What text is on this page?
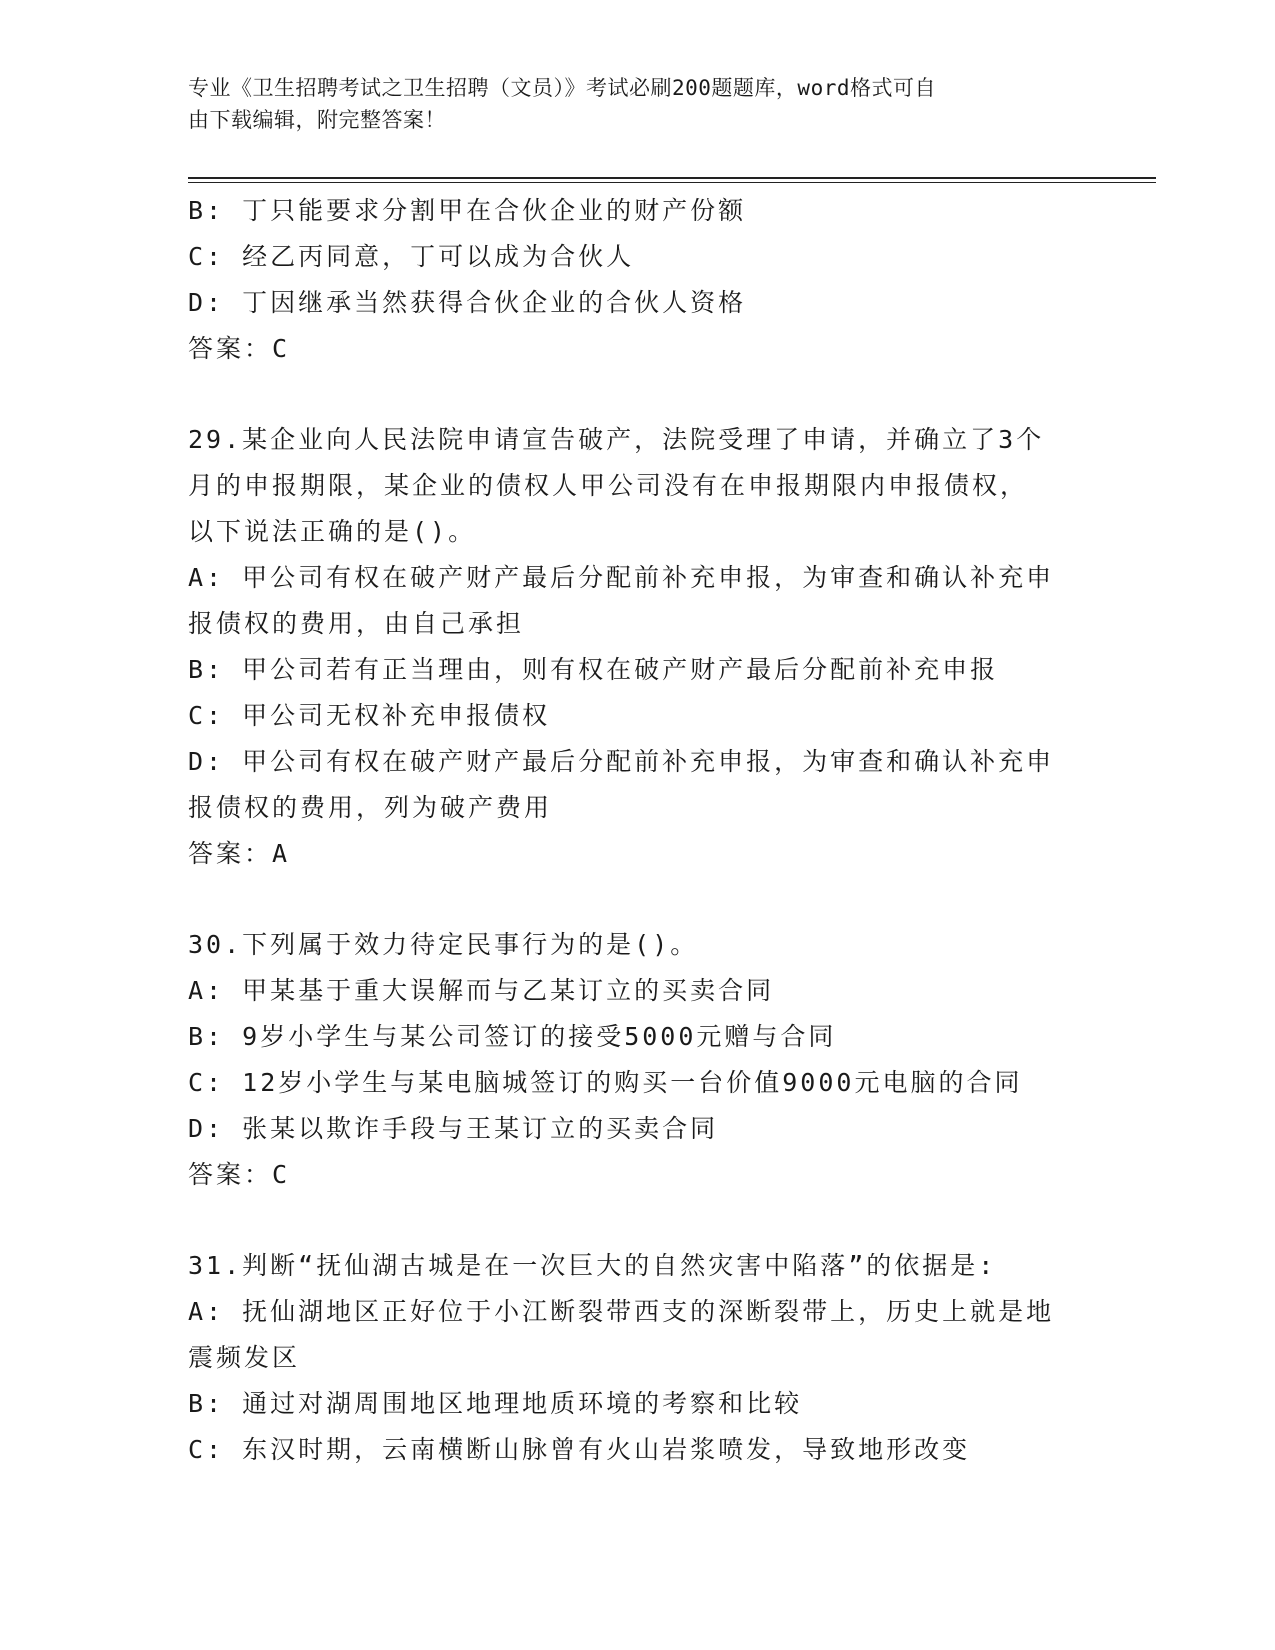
专业《卫生招聘考试之卫生招聘（文员）》考试必刷200题题库，word格式可自
由下载编辑，附完整答案！
B: 丁只能要求分割甲在合伙企业的财产份额
C: 经乙丙同意，丁可以成为合伙人
D: 丁因继承当然获得合伙企业的合伙人资格
答案：C
29.某企业向人民法院申请宣告破产，法院受理了申请，并确立了3个
月的申报期限，某企业的债权人甲公司没有在申报期限内申报债权，
以下说法正确的是()。
A: 甲公司有权在破产财产最后分配前补充申报，为审查和确认补充申
报债权的费用，由自己承担
B: 甲公司若有正当理由，则有权在破产财产最后分配前补充申报
C: 甲公司无权补充申报债权
D: 甲公司有权在破产财产最后分配前补充申报，为审查和确认补充申
报债权的费用，列为破产费用
答案：A
30.下列属于效力待定民事行为的是()。
A: 甲某基于重大误解而与乙某订立的买卖合同
B: 9岁小学生与某公司签订的接受5000元赠与合同
C: 12岁小学生与某电脑城签订的购买一台价值9000元电脑的合同
D: 张某以欺诈手段与王某订立的买卖合同
答案：C
31.判断“抚仙湖古城是在一次巨大的自然灾害中陷落”的依据是:
A: 抚仙湖地区正好位于小江断裂带西支的深断裂带上，历史上就是地
震频发区
B: 通过对湖周围地区地理地质环境的考察和比较
C: 东汉时期，云南横断山脉曾有火山岩浆喷发，导致地形改变
